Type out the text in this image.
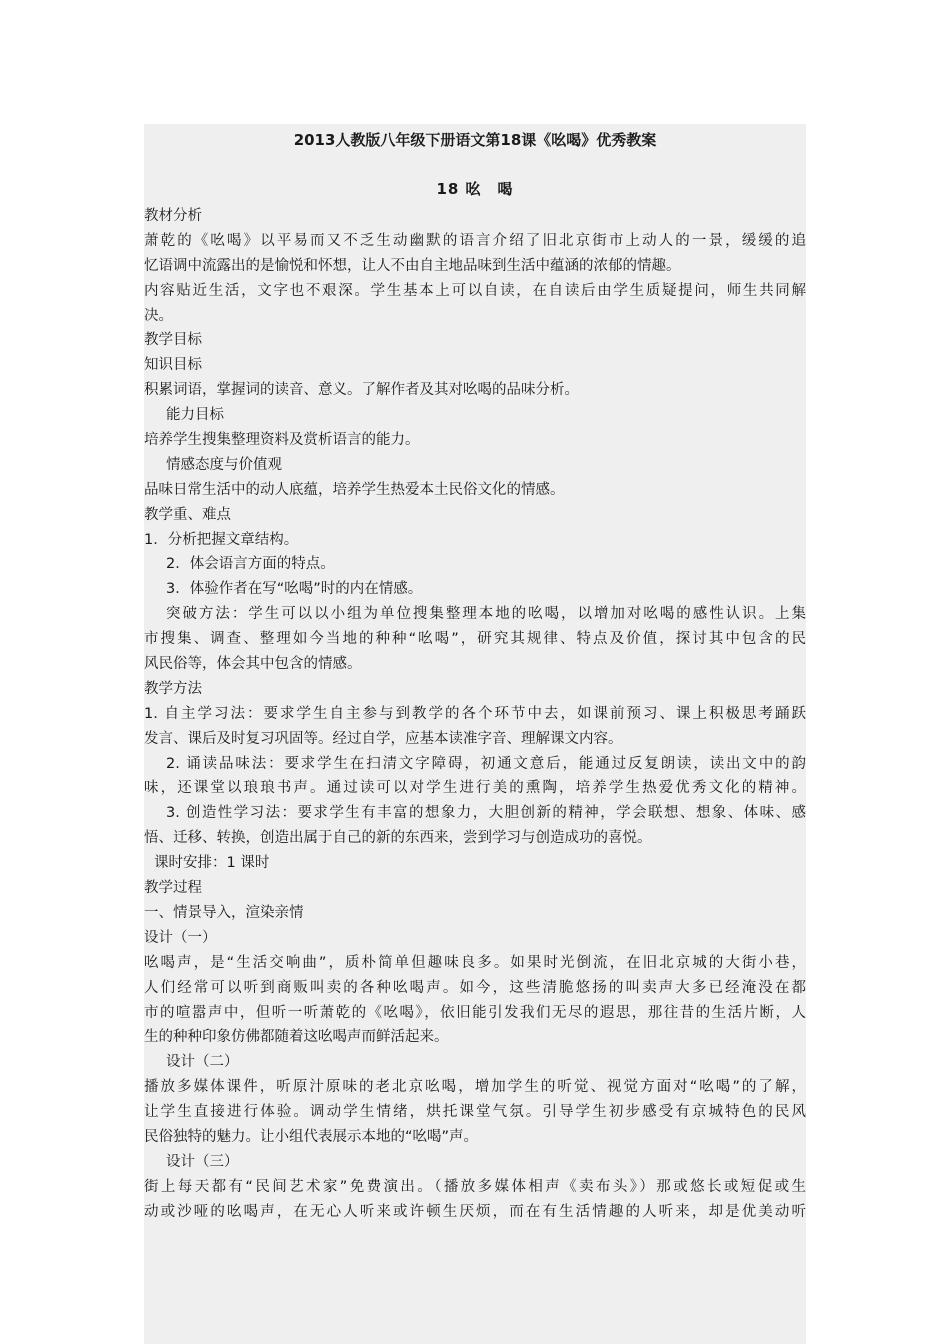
2013人教版八年级下册语文第18课《吆喝》优秀教案
18 吆　喝

教材分析

萧乾的《吆喝》以平易而又不乏生动幽默的语言介绍了旧北京街市上动人的一景，缓缓的追

忆语调中流露出的是愉悦和怀想，让人不由自主地品味到生活中蕴涵的浓郁的情趣。

内容贴近生活，文字也不艰深。学生基本上可以自读，在自读后由学生质疑提问，师生共同解

决。

教学目标

知识目标

积累词语，掌握词的读音、意义。了解作者及其对吆喝的品味分析。

能力目标

培养学生搜集整理资料及赏析语言的能力。

情感态度与价值观

品味日常生活中的动人底蕴，培养学生热爱本土民俗文化的情感。

教学重、难点

1．分析把握文章结构。

2．体会语言方面的特点。

3．体验作者在写“吆喝”时的内在情感。

突破方法：学生可以以小组为单位搜集整理本地的吆喝，以增加对吆喝的感性认识。上集

市搜集、调查、整理如今当地的种种“吆喝”，研究其规律、特点及价值，探讨其中包含的民

风民俗等，体会其中包含的情感。

教学方法

1. 自主学习法：要求学生自主参与到教学的各个环节中去，如课前预习、课上积极思考踊跃

发言、课后及时复习巩固等。经过自学，应基本读准字音、理解课文内容。

2. 诵读品味法：要求学生在扫清文字障碍，初通文意后，能通过反复朗读，读出文中的韵

味，还课堂以琅琅书声。通过读可以对学生进行美的熏陶，培养学生热爱优秀文化的精神。

3. 创造性学习法：要求学生有丰富的想象力，大胆创新的精神，学会联想、想象、体味、感

悟、迁移、转换，创造出属于自己的新的东西来，尝到学习与创造成功的喜悦。

课时安排：1 课时

教学过程

一、情景导入，渲染亲情

设计（一）

吆喝声，是“生活交响曲”，质朴简单但趣味良多。如果时光倒流，在旧北京城的大街小巷，

人们经常可以听到商贩叫卖的各种吆喝声。如今，这些清脆悠扬的叫卖声大多已经淹没在都

市的喧嚣声中，但听一听萧乾的《吆喝》，依旧能引发我们无尽的遐思，那往昔的生活片断，人

生的种种印象仿佛都随着这吆喝声而鲜活起来。

设计（二）

播放多媒体课件，听原汁原味的老北京吆喝，增加学生的听觉、视觉方面对“吆喝”的了解，

让学生直接进行体验。调动学生情绪，烘托课堂气氛。引导学生初步感受有京城特色的民风

民俗独特的魅力。让小组代表展示本地的“吆喝”声。

设计（三）

街上每天都有“民间艺术家”免费演出。（播放多媒体相声《卖布头》）那或悠长或短促或生

动或沙哑的吆喝声，在无心人听来或许顿生厌烦，而在有生活情趣的人听来，却是优美动听
